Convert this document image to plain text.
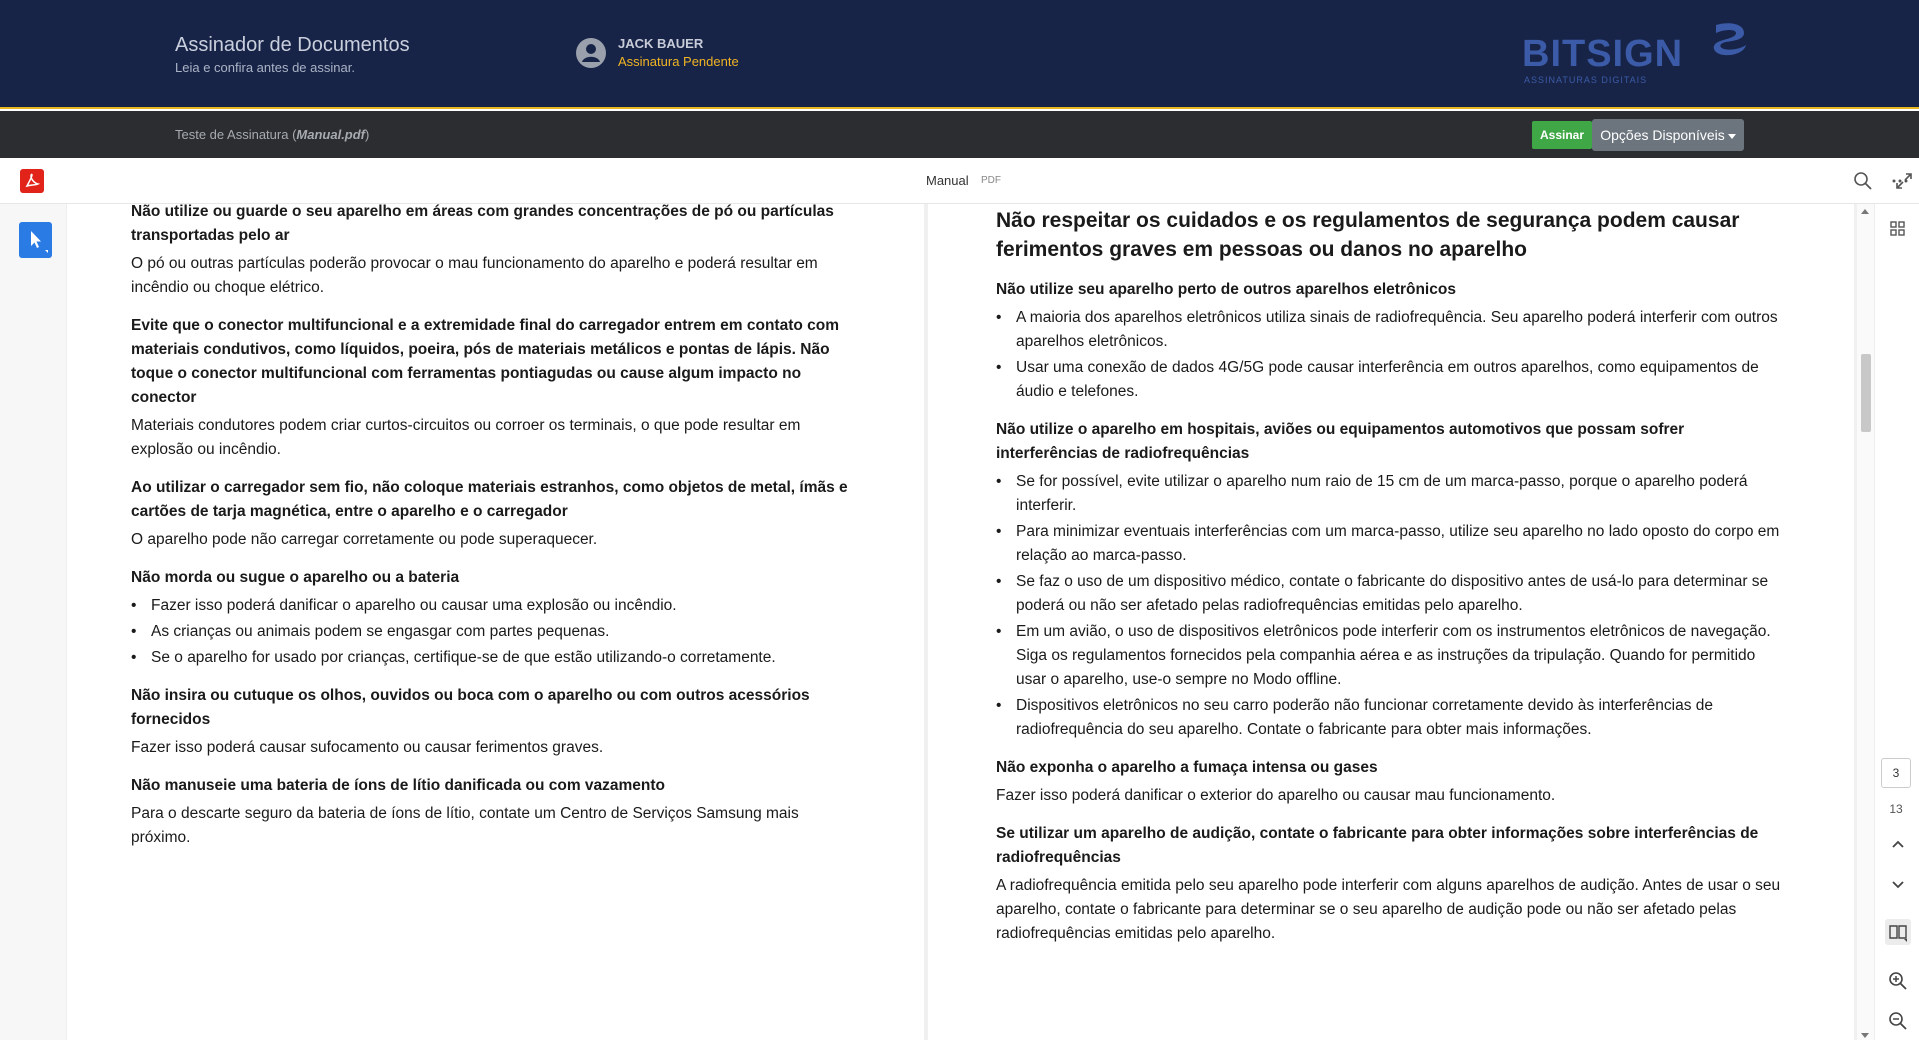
Assinador de Documentos
Leia e confira antes de assinar.
JACK BAUER
Assinatura Pendente	BITSIGN
ASSINATURAS DIGITAIS
Teste de Assinatura (Manual.pdf)	Assinar	Opções Disponíveis
Manual PDF
Não utilize ou guarde o seu aparelho em áreas com grandes concentrações de pó ou partículas transportadas pelo ar
O pó ou outras partículas poderão provocar o mau funcionamento do aparelho e poderá resultar em incêndio ou choque elétrico.
Evite que o conector multifuncional e a extremidade final do carregador entrem em contato com materiais condutivos, como líquidos, poeira, pós de materiais metálicos e pontas de lápis. Não toque o conector multifuncional com ferramentas pontiagudas ou cause algum impacto no conector
Materiais condutores podem criar curtos-circuitos ou corroer os terminais, o que pode resultar em explosão ou incêndio.
Ao utilizar o carregador sem fio, não coloque materiais estranhos, como objetos de metal, ímãs e cartões de tarja magnética, entre o aparelho e o carregador
O aparelho pode não carregar corretamente ou pode superaquecer.
Não morda ou sugue o aparelho ou a bateria
• Fazer isso poderá danificar o aparelho ou causar uma explosão ou incêndio.
• As crianças ou animais podem se engasgar com partes pequenas.
• Se o aparelho for usado por crianças, certifique-se de que estão utilizando-o corretamente.
Não insira ou cutuque os olhos, ouvidos ou boca com o aparelho ou com outros acessórios fornecidos
Fazer isso poderá causar sufocamento ou causar ferimentos graves.
Não manuseie uma bateria de íons de lítio danificada ou com vazamento
Para o descarte seguro da bateria de íons de lítio, contate um Centro de Serviços Samsung mais próximo.
Não respeitar os cuidados e os regulamentos de segurança podem causar ferimentos graves em pessoas ou danos no aparelho
Não utilize seu aparelho perto de outros aparelhos eletrônicos
• A maioria dos aparelhos eletrônicos utiliza sinais de radiofrequência. Seu aparelho poderá interferir com outros aparelhos eletrônicos.
• Usar uma conexão de dados 4G/5G pode causar interferência em outros aparelhos, como equipamentos de áudio e telefones.
Não utilize o aparelho em hospitais, aviões ou equipamentos automotivos que possam sofrer interferências de radiofrequências
• Se for possível, evite utilizar o aparelho num raio de 15 cm de um marca-passo, porque o aparelho poderá interferir.
• Para minimizar eventuais interferências com um marca-passo, utilize seu aparelho no lado oposto do corpo em relação ao marca-passo.
• Se faz o uso de um dispositivo médico, contate o fabricante do dispositivo antes de usá-lo para determinar se poderá ou não ser afetado pelas radiofrequências emitidas pelo aparelho.
• Em um avião, o uso de dispositivos eletrônicos pode interferir com os instrumentos eletrônicos de navegação. Siga os regulamentos fornecidos pela companhia aérea e as instruções da tripulação. Quando for permitido usar o aparelho, use-o sempre no Modo offline.
• Dispositivos eletrônicos no seu carro poderão não funcionar corretamente devido às interferências de radiofrequência do seu aparelho. Contate o fabricante para obter mais informações.
Não exponha o aparelho a fumaça intensa ou gases
Fazer isso poderá danificar o exterior do aparelho ou causar mau funcionamento.
Se utilizar um aparelho de audição, contate o fabricante para obter informações sobre interferências de radiofrequências
A radiofrequência emitida pelo seu aparelho pode interferir com alguns aparelhos de audição. Antes de usar o seu aparelho, contate o fabricante para determinar se o seu aparelho de audição pode ou não ser afetado pelas radiofrequências emitidas pelo aparelho.
3
13
